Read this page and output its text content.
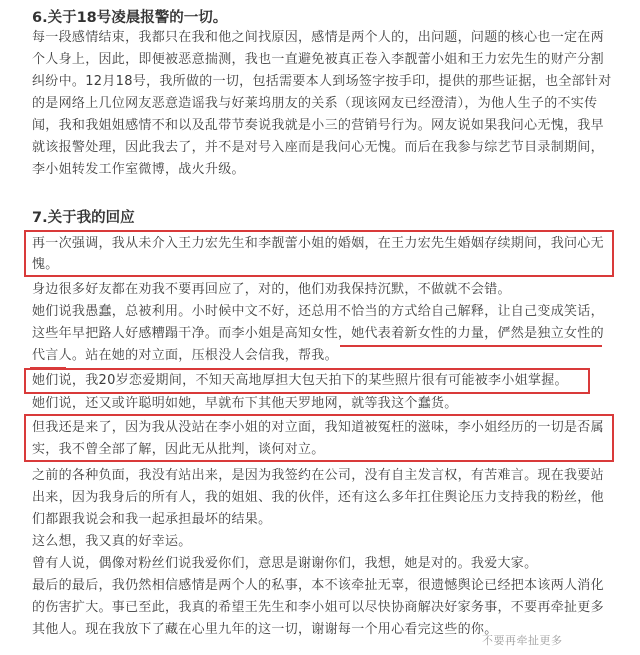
6.关于18号凌晨报警的一切。
每一段感情结束，我都只在我和他之间找原因，感情是两个人的，出问题，问题的核心也一定在两
个人身上，因此，即便被恶意揣测，我也一直避免被真正卷入李靓蕾小姐和王力宏先生的财产分割
纠纷中。12月18号，我所做的一切，包括需要本人到场签字按手印，提供的那些证据，也全部针对
的是网络上几位网友恶意造谣我与好莱坞朋友的关系（现该网友已经澄清），为他人生子的不实传
闻，我和我姐姐感情不和以及乱带节奏说我就是小三的营销号行为。网友说如果我问心无愧，我早
就该报警处理，因此我去了，并不是对号入座而是我问心无愧。而后在我参与综艺节目录制期间，
李小姐转发工作室微博，战火升级。
7.关于我的回应
再一次强调，我从未介入王力宏先生和李靓蕾小姐的婚姻，在王力宏先生婚姻存续期间，我问心无
愧。
身边很多好友都在劝我不要再回应了，对的，他们劝我保持沉默，不做就不会错。
她们说我愚蠢，总被利用。小时候中文不好，还总用不恰当的方式给自己解释，让自己变成笑话，
这些年早把路人好感糟蹋干净。而李小姐是高知女性，她代表着新女性的力量，俨然是独立女性的
代言人。站在她的对立面，压根没人会信我，帮我。
她们说，我20岁恋爱期间，不知天高地厚担大包天拍下的某些照片很有可能被李小姐掌握。
她们说，还又或许聪明如她，早就布下其他天罗地网，就等我这个蠢货。
但我还是来了，因为我从没站在李小姐的对立面，我知道被冤枉的滋味，李小姐经历的一切是否属
实，我不曾全部了解，因此无从批判，谈何对立。
之前的各种负面，我没有站出来，是因为我签约在公司，没有自主发言权，有苦难言。现在我要站
出来，因为我身后的所有人，我的姐姐、我的伙伴，还有这么多年扛住舆论压力支持我的粉丝，他
们都跟我说会和我一起承担最坏的结果。
这么想，我又真的好幸运。
曾有人说，偶像对粉丝们说我爱你们，意思是谢谢你们，我想，她是对的。我爱大家。
最后的最后，我仍然相信感情是两个人的私事，本不该牵扯无辜，很遗憾舆论已经把本该两人消化
的伤害扩大。事已至此，我真的希望王先生和李小姐可以尽快协商解决好家务事，不要再牵扯更多
其他人。现在我放下了藏在心里九年的这一切，谢谢每一个用心看完这些的你。
不要再牵扯更多
